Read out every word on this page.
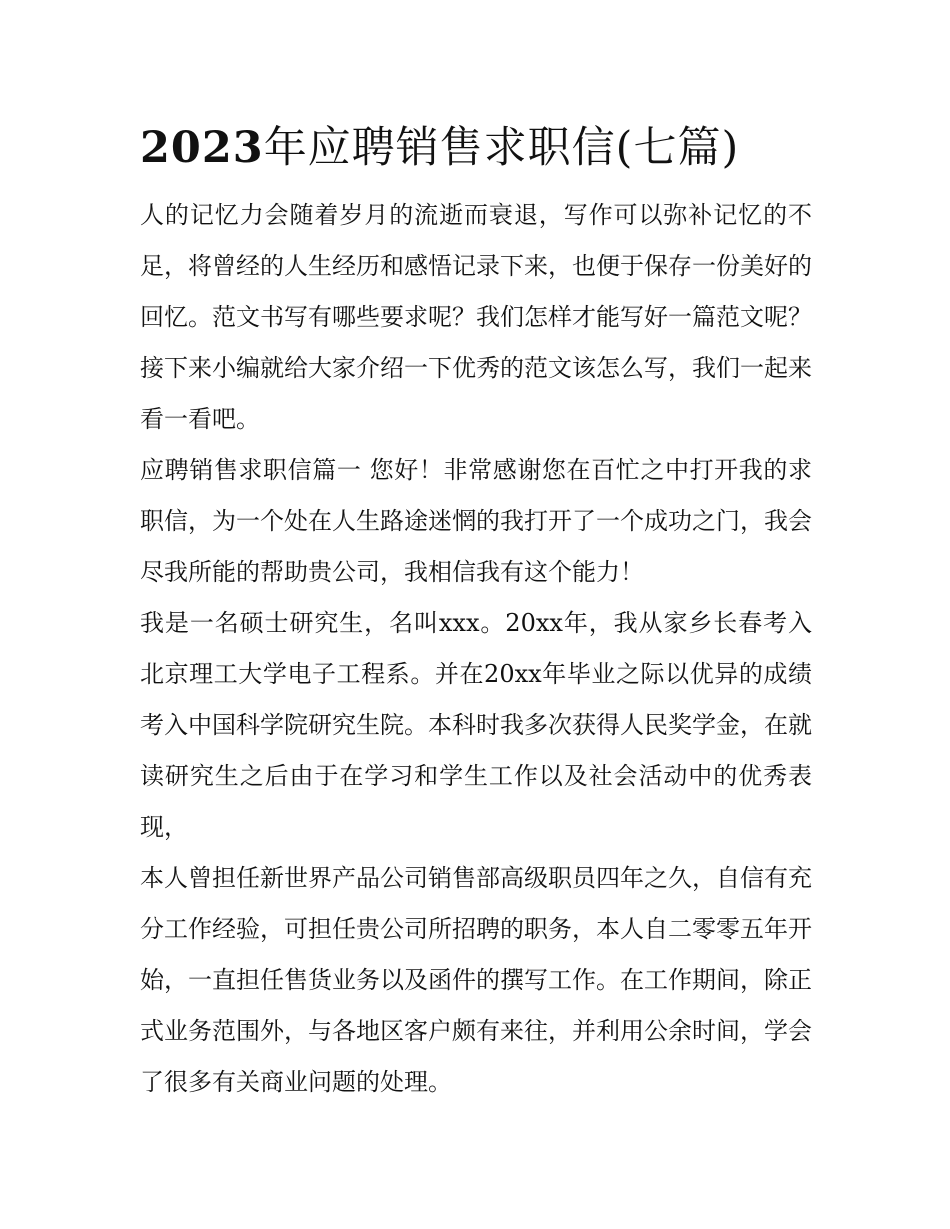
2023年应聘销售求职信(七篇)

人的记忆力会随着岁月的流逝而衰退，写作可以弥补记忆的不足，将曾经的人生经历和感悟记录下来，也便于保存一份美好的回忆。范文书写有哪些要求呢？我们怎样才能写好一篇范文呢？接下来小编就给大家介绍一下优秀的范文该怎么写，我们一起来看一看吧。

应聘销售求职信篇一 您好！非常感谢您在百忙之中打开我的求职信，为一个处在人生路途迷惘的我打开了一个成功之门，我会尽我所能的帮助贵公司，我相信我有这个能力！

我是一名硕士研究生，名叫xxx。20xx年，我从家乡长春考入北京理工大学电子工程系。并在20xx年毕业之际以优异的成绩考入中国科学院研究生院。本科时我多次获得人民奖学金，在就读研究生之后由于在学习和学生工作以及社会活动中的优秀表现，

本人曾担任新世界产品公司销售部高级职员四年之久，自信有充分工作经验，可担任贵公司所招聘的职务，本人自二零零五年开始，一直担任售货业务以及函件的撰写工作。在工作期间，除正式业务范围外，与各地区客户颇有来往，并利用公余时间，学会了很多有关商业问题的处理。
